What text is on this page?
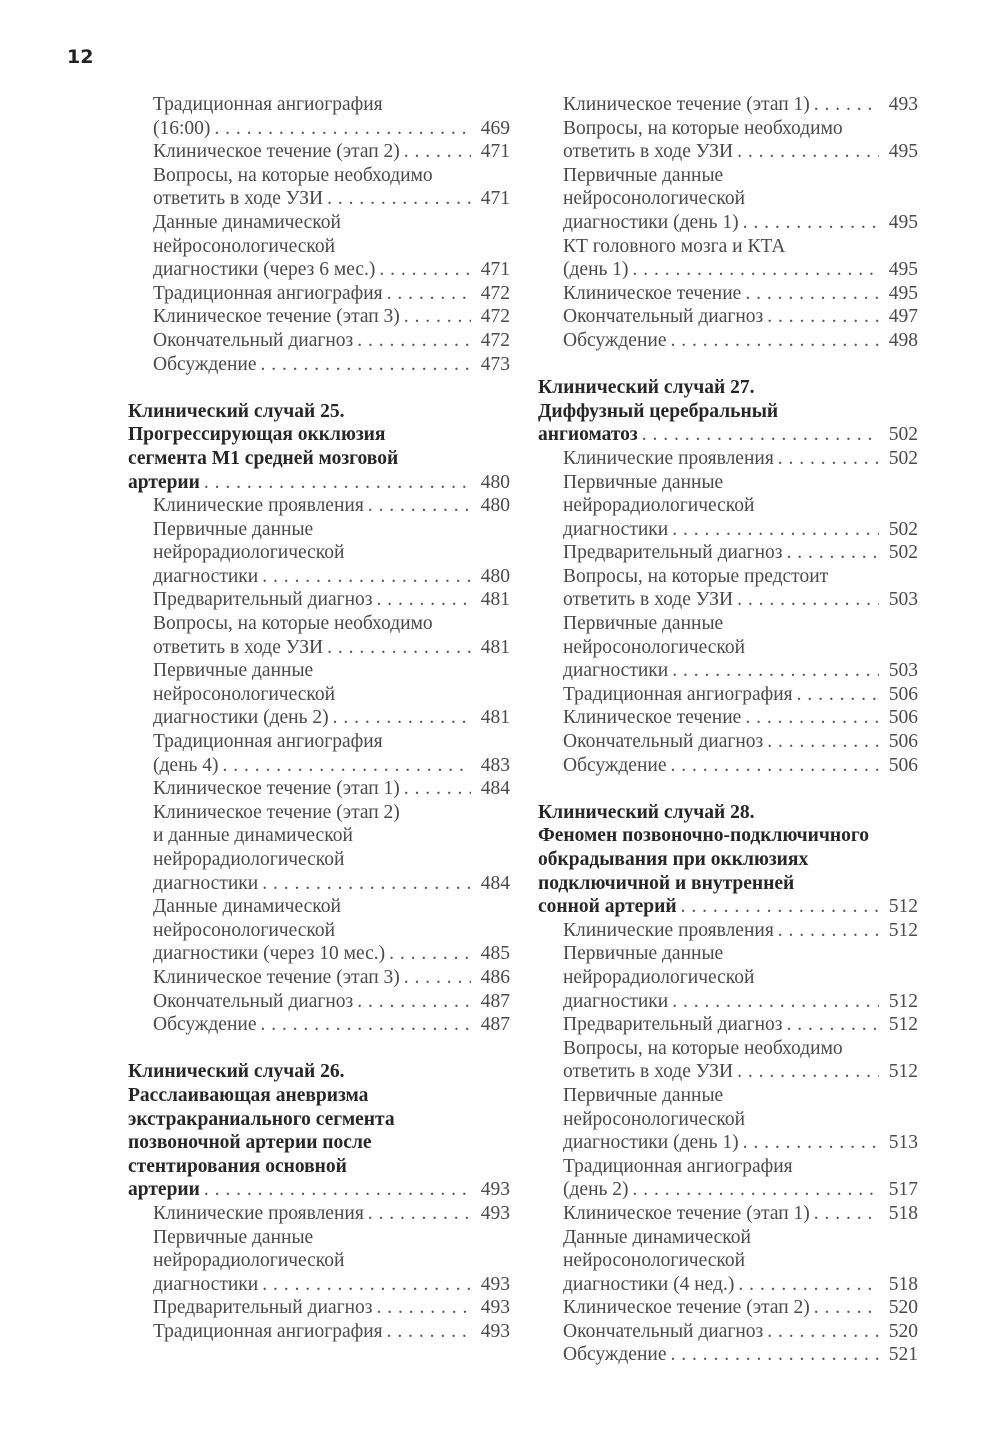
12
Традиционная ангиография
(16:00) . . .	469
Клиническое течение (этап 2) . . .	471
Вопросы, на которые необходимо
ответить в ходе УЗИ . . .	471
Данные динамической
нейросонологической
диагностики (через 6 мес.) . . .	471
Традиционная ангиография . . .	472
Клиническое течение (этап 3) . . .	472
Окончательный диагноз . . .	472
Обсуждение . . .	473
Клинический случай 25.
Прогрессирующая окклюзия
сегмента М1 средней мозговой
артерии . . .	480
Клинические проявления . . .	480
Первичные данные
нейрорадиологической
диагностики . . .	480
Предварительный диагноз . . .	481
Вопросы, на которые необходимо
ответить в ходе УЗИ . . .	481
Первичные данные
нейросонологической
диагностики (день 2) . . .	481
Традиционная ангиография
(день 4) . . .	483
Клиническое течение (этап 1) . . .	484
Клиническое течение (этап 2)
и данные динамической
нейрорадиологической
диагностики . . .	484
Данные динамической
нейросонологической
диагностики (через 10 мес.) . . .	485
Клиническое течение (этап 3) . . .	486
Окончательный диагноз . . .	487
Обсуждение . . .	487
Клинический случай 26.
Расслаивающая аневризма
экстракраниального сегмента
позвоночной артерии после
стентирования основной
артерии . . .	493
Клинические проявления . . .	493
Первичные данные
нейрорадиологической
диагностики . . .	493
Предварительный диагноз . . .	493
Традиционная ангиография . . .	493
Клиническое течение (этап 1) . . .	493
Вопросы, на которые необходимо
ответить в ходе УЗИ . . .	495
Первичные данные
нейросонологической
диагностики (день 1) . . .	495
КТ головного мозга и КТА
(день 1) . . .	495
Клиническое течение . . .	495
Окончательный диагноз . . .	497
Обсуждение . . .	498
Клинический случай 27.
Диффузный церебральный
ангиоматоз . . .	502
Клинические проявления . . .	502
Первичные данные
нейрорадиологической
диагностики . . .	502
Предварительный диагноз . . .	502
Вопросы, на которые предстоит
ответить в ходе УЗИ . . .	503
Первичные данные
нейросонологической
диагностики . . .	503
Традиционная ангиография . . .	506
Клиническое течение . . .	506
Окончательный диагноз . . .	506
Обсуждение . . .	506
Клинический случай 28.
Феномен позвоночно-подключичного
обкрадывания при окклюзиях
подключичной и внутренней
сонной артерий . . .	512
Клинические проявления . . .	512
Первичные данные
нейрорадиологической
диагностики . . .	512
Предварительный диагноз . . .	512
Вопросы, на которые необходимо
ответить в ходе УЗИ . . .	512
Первичные данные
нейросонологической
диагностики (день 1) . . .	513
Традиционная ангиография
(день 2) . . .	517
Клиническое течение (этап 1) . . .	518
Данные динамической
нейросонологической
диагностики (4 нед.) . . .	518
Клиническое течение (этап 2) . . .	520
Окончательный диагноз . . .	520
Обсуждение . . .	521
